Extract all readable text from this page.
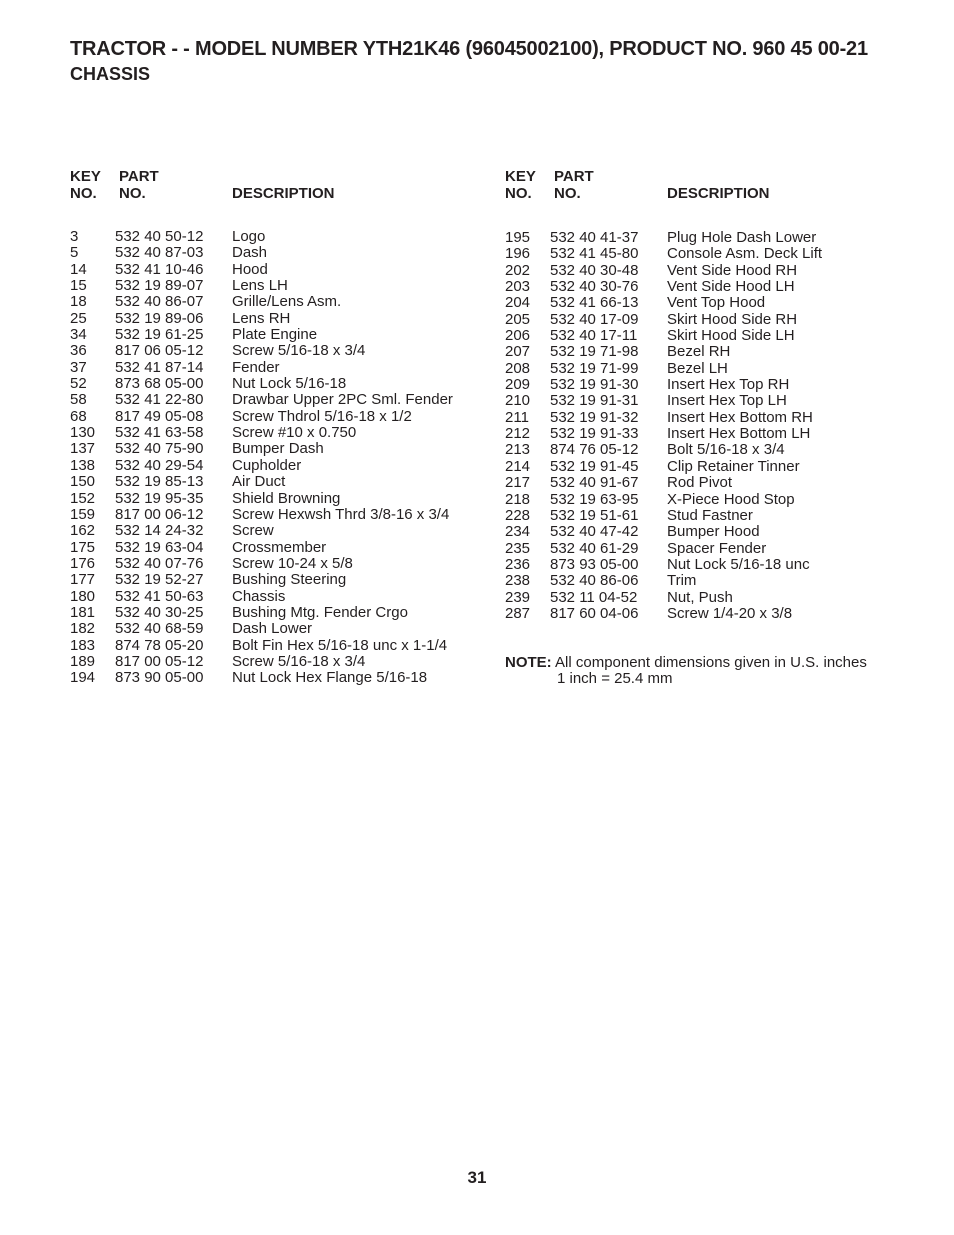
TRACTOR - - MODEL NUMBER YTH21K46 (96045002100), PRODUCT NO. 960 45 00-21
CHASSIS
KEY
NO.
PART
NO.	DESCRIPTION
3 532 40 50-12 Logo
5 532 40 87-03 Dash
14 532 41 10-46 Hood
15 532 19 89-07 Lens LH
18 532 40 86-07 Grille/Lens Asm.
25 532 19 89-06 Lens RH
34 532 19 61-25 Plate Engine
36 817 06 05-12 Screw 5/16-18 x 3/4
37 532 41 87-14 Fender
52 873 68 05-00 Nut Lock 5/16-18
58 532 41 22-80 Drawbar Upper 2PC Sml. Fender
68 817 49 05-08 Screw Thdrol 5/16-18 x 1/2
130 532 41 63-58 Screw #10 x 0.750
137 532 40 75-90 Bumper Dash
138 532 40 29-54 Cupholder
150 532 19 85-13 Air Duct
152 532 19 95-35 Shield Browning
159 817 00 06-12 Screw Hexwsh Thrd 3/8-16 x 3/4
162 532 14 24-32 Screw
175 532 19 63-04 Crossmember
176 532 40 07-76 Screw 10-24 x 5/8
177 532 19 52-27 Bushing Steering
180 532 41 50-63 Chassis
181 532 40 30-25 Bushing Mtg. Fender Crgo
182 532 40 68-59 Dash Lower
183 874 78 05-20 Bolt Fin Hex 5/16-18 unc x 1-1/4
189 817 00 05-12 Screw 5/16-18 x 3/4
194 873 90 05-00 Nut Lock Hex Flange 5/16-18
KEY
NO.
PART
NO.	DESCRIPTION
195 532 40 41-37 Plug Hole Dash Lower
196 532 41 45-80 Console Asm. Deck Lift
202 532 40 30-48 Vent Side Hood RH
203 532 40 30-76 Vent Side Hood LH
204 532 41 66-13 Vent Top Hood
205 532 40 17-09 Skirt Hood Side RH
206 532 40 17-11 Skirt Hood Side LH
207 532 19 71-98 Bezel RH
208 532 19 71-99 Bezel LH
209 532 19 91-30 Insert Hex Top RH
210 532 19 91-31 Insert Hex Top LH
211 532 19 91-32 Insert Hex Bottom RH
212 532 19 91-33 Insert Hex Bottom LH
213 874 76 05-12 Bolt 5/16-18 x 3/4
214 532 19 91-45 Clip Retainer Tinner
217 532 40 91-67 Rod Pivot
218 532 19 63-95 X-Piece Hood Stop
228 532 19 51-61 Stud Fastner
234 532 40 47-42 Bumper Hood
235 532 40 61-29 Spacer Fender
236 873 93 05-00 Nut Lock 5/16-18 unc
238 532 40 86-06 Trim
239 532 11 04-52 Nut, Push
287 817 60 04-06 Screw 1/4-20 x 3/8
NOTE: All component dimensions given in U.S. inches
1 inch = 25.4 mm
31
